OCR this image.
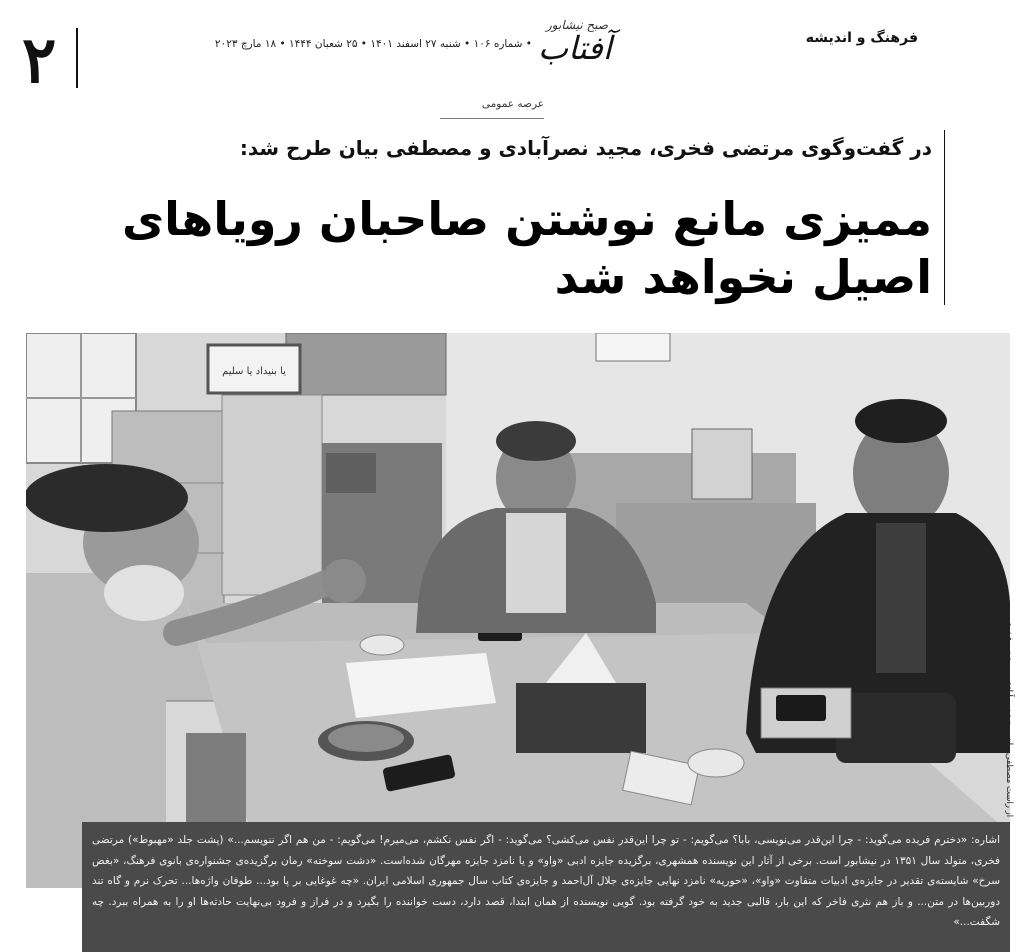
۲	• شماره ۱۰۶ • شنبه ۲۷ اسفند ۱۴۰۱ • ۲۵ شعبان ۱۴۴۴ • ۱۸ مارچ ۲۰۲۳
صبح نیشابور
آفتاب	فرهنگ و اندیشه
عرصه عمومی
در گفت‌وگوی مرتضی فخری، مجید نصرآبادی و مصطفی بیان طرح شد:
ممیزی مانع نوشتن صاحبان رویاهای اصیل نخواهد شد
یا بنیداد یا سلیم
از راست مصطفی بیان، مجید نصرآبادی و مرتضی فخری

اشاره: «دخترم فریده می‌گوید: - چرا این‌قدر می‌نویسی، بابا؟ می‌گویم: - تو چرا این‌قدر نفس می‌کشی؟ می‌گوید: - اگر نفس نکشم، می‌میرم! می‌گویم: - من هم اگر ننویسم...» (پشت جلد «مهبوط») مرتضی فخری، متولد سال ۱۳۵۱ در نیشابور است. برخی از آثار این نویسنده همشهری، برگزیده جایزه ادبی «واو» و یا نامزد جایزه مهرگان شده‌است. «دشت سوخته» رمان برگزیده‌ی جشنواره‌ی بانوی فرهنگ، «بغض سرخ» شایسته‌ی تقدیر در جایزه‌ی ادبیات متفاوت «واو»، «حوریه» نامزد نهایی جایزه‌ی جلال آل‌احمد و جایزه‌ی کتاب سال جمهوری اسلامی ایران. «چه غوغایی بر پا بود... طوفان واژه‌ها... تحرک نرم و گاه تند دوربین‌ها در متن... و باز هم نثری فاخر که این بار، قالبی جدید به خود گرفته بود. گویی نویسنده از همان ابتدا، قصد دارد، دست خواننده را بگیرد و در فراز و فرود بی‌نهایت حادثه‌ها او را به همراه ببرد. چه شگفت‌...»
